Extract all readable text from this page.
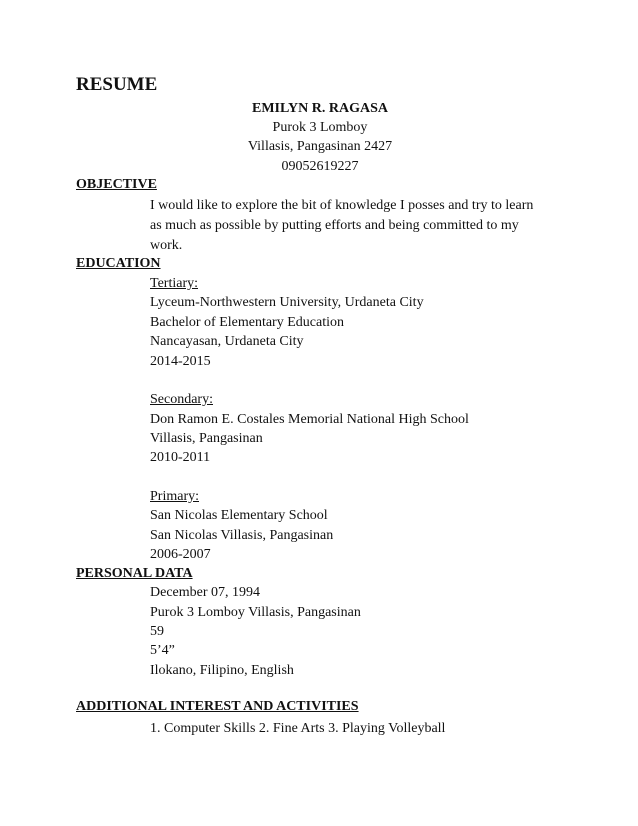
RESUME
EMILYN R. RAGASA
Purok 3 Lomboy
Villasis, Pangasinan 2427
09052619227
OBJECTIVE
I would like to explore the bit of knowledge I posses and try to learn
as much as possible by putting efforts and being committed to my
work.
EDUCATION
Tertiary:
Lyceum-Northwestern University, Urdaneta City
Bachelor of Elementary Education
Nancayasan, Urdaneta City
2014-2015
Secondary:
Don Ramon E. Costales Memorial National High School
Villasis, Pangasinan
2010-2011
Primary:
San Nicolas Elementary School
San Nicolas Villasis, Pangasinan
2006-2007
PERSONAL DATA
December 07, 1994
Purok 3 Lomboy Villasis, Pangasinan
59
5’4”
Ilokano, Filipino, English
ADDITIONAL INTEREST AND ACTIVITIES
1. Computer Skills 2. Fine Arts 3. Playing Volleyball
